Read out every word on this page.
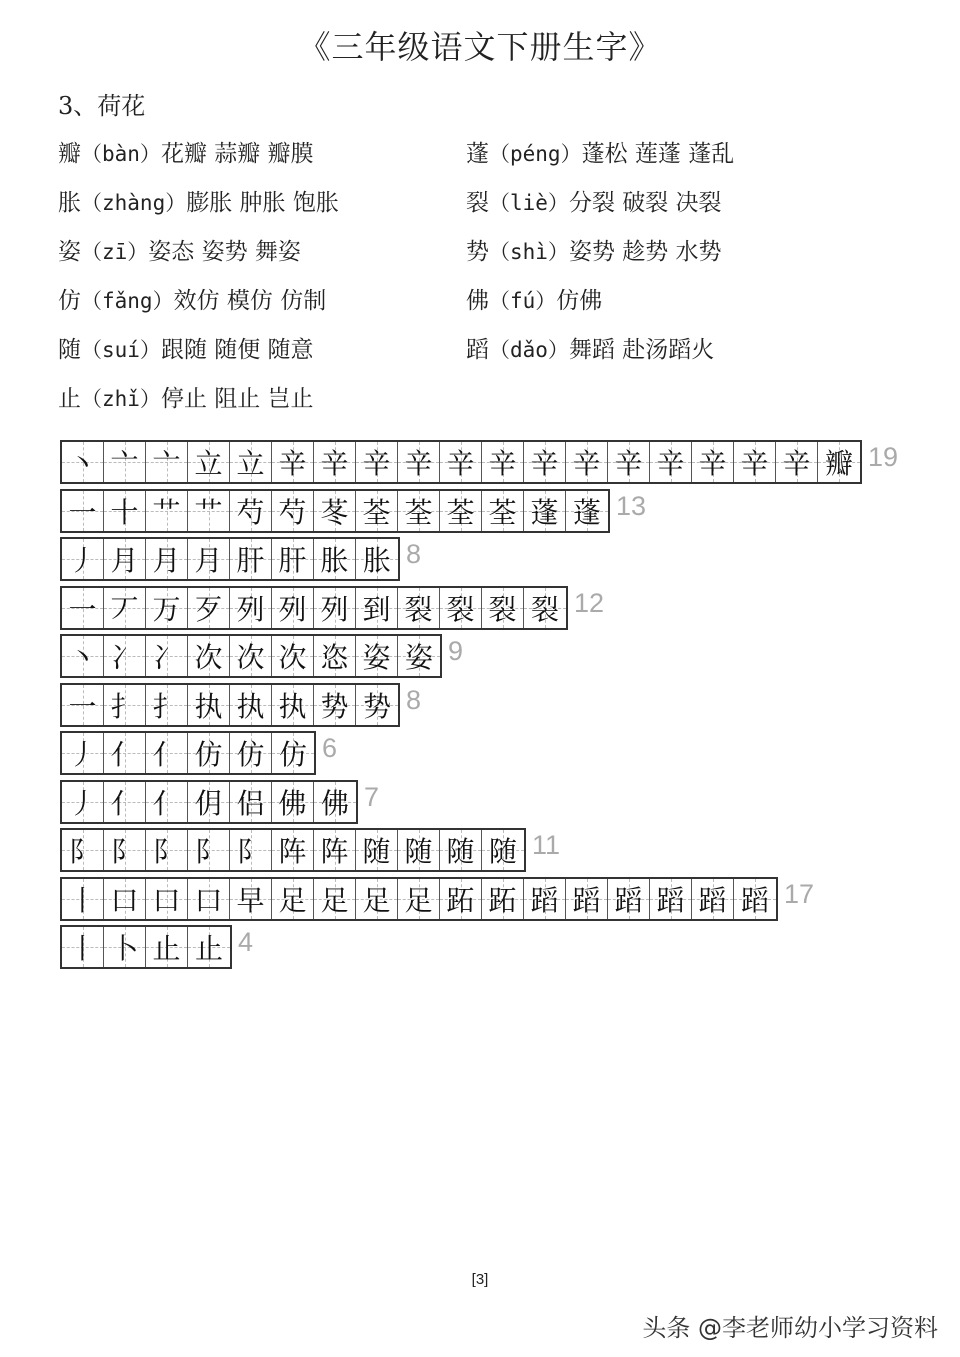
《三年级语文下册生字》
3、荷花
瓣（bàn）花瓣 蒜瓣 瓣膜	蓬（péng）蓬松 莲蓬 蓬乱
胀（zhàng）膨胀 肿胀 饱胀	裂（liè）分裂 破裂 决裂
姿（zī）姿态 姿势 舞姿	势（shì）姿势 趁势 水势
仿（fǎng）效仿 模仿 仿制	佛（fú）仿佛
随（suí）跟随 随便 随意	蹈（dǎo）舞蹈 赴汤蹈火
止（zhǐ）停止 阻止 岂止
丶 亠 亠 立 立 辛 辛 辛 辛 辛 辛 辛 辛 辛 辛 辛 辛 辛 瓣 19
一 十 艹 艹 芍 芍 苳 荃 荃 荃 荃 蓬 蓬 13
丿 月 月 月 肝 肝 胀 胀 8
一 丆 万 歹 列 列 列 到 裂 裂 裂 裂 12
丶 冫 冫 次 次 次 恣 姿 姿 9
一 扌 扌 执 执 执 势 势 8
丿 亻 亻 仿 仿 仿 6
丿 亻 亻 仴 侣 佛 佛 7
阝 阝 阝 阝 阝 阵 阵 随 随 随 随 11
丨 口 口 口 早 足 足 足 足 跖 跖 蹈 蹈 蹈 蹈 蹈 蹈 17
丨 卜 止 止 4
[3]
头条 @李老师幼小学习资料
